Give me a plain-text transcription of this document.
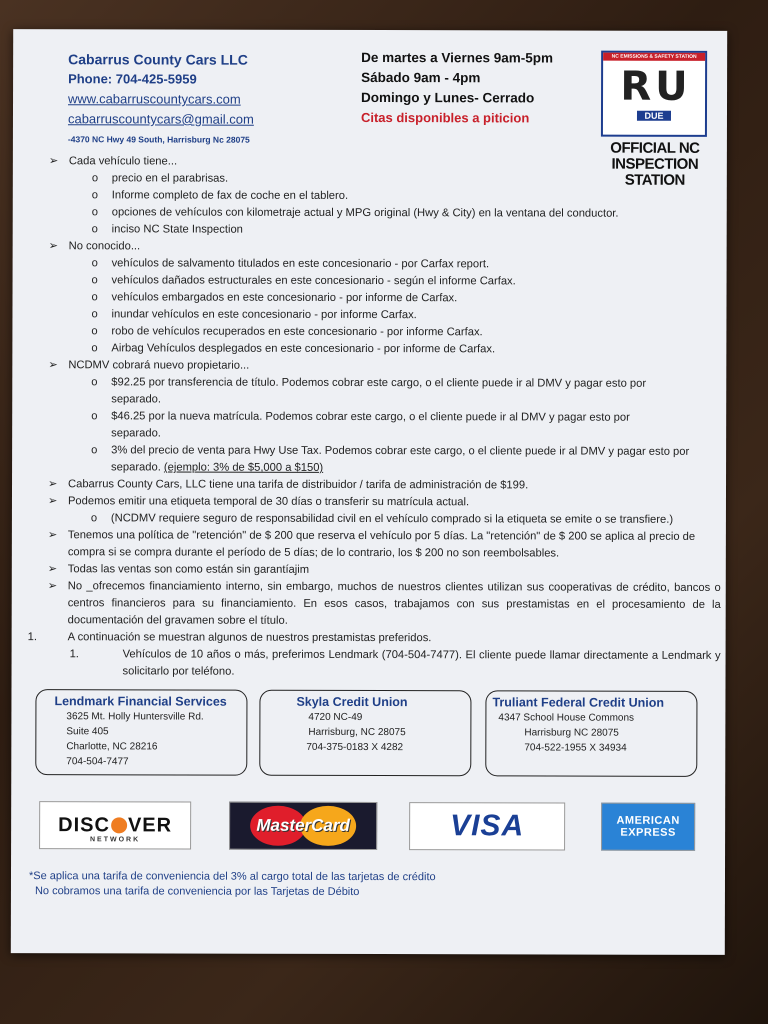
Cabarrus County Cars LLC
Phone: 704-425-5959
www.cabarruscountycars.com
cabarruscountycars@gmail.com
-4370 NC Hwy 49 South, Harrisburg Nc 28075
De martes a Viernes 9am-5pm
Sábado 9am - 4pm
Domingo y Lunes- Cerrado
Citas disponibles a piticion
NC EMISSIONS & SAFETY STATION
R U
DUE
OFFICIAL NC
INSPECTION
STATION
➢ Cada vehículo tiene...
o precio en el parabrisas.
o Informe completo de fax de coche en el tablero.
o opciones de vehículos con kilometraje actual y MPG original (Hwy & City) en la ventana del conductor.
o inciso NC State Inspection
➢ No conocido...
o vehículos de salvamento titulados en este concesionario - por Carfax report.
o vehículos dañados estructurales en este concesionario - según el informe Carfax.
o vehículos embargados en este concesionario - por informe de Carfax.
o inundar vehículos en este concesionario - por informe Carfax.
o robo de vehículos recuperados en este concesionario - por informe Carfax.
o Airbag Vehículos desplegados en este concesionario - por informe de Carfax.
➢ NCDMV cobrará nuevo propietario...
o $92.25 por transferencia de título. Podemos cobrar este cargo, o el cliente puede ir al DMV y pagar esto por separado.
o $46.25 por la nueva matrícula. Podemos cobrar este cargo, o el cliente puede ir al DMV y pagar esto por separado.
o 3% del precio de venta para Hwy Use Tax. Podemos cobrar este cargo, o el cliente puede ir al DMV y pagar esto por separado. (ejemplo: 3% de $5,000 a $150)
➢ Cabarrus County Cars, LLC tiene una tarifa de distribuidor / tarifa de administración de $199.
➢ Podemos emitir una etiqueta temporal de 30 días o transferir su matrícula actual.
o (NCDMV requiere seguro de responsabilidad civil en el vehículo comprado si la etiqueta se emite o se transfiere.)
➢ Tenemos una política de "retención" de $ 200 que reserva el vehículo por 5 días. La "retención" de $ 200 se aplica al precio de compra si se compra durante el período de 5 días; de lo contrario, los $ 200 no son reembolsables.
➢ Todas las ventas son como están sin garantíajim
➢ No _ofrecemos financiamiento interno, sin embargo, muchos de nuestros clientes utilizan sus cooperativas de crédito, bancos o centros financieros para su financiamiento. En esos casos, trabajamos con sus prestamistas en el procesamiento de la documentación del gravamen sobre el título.
1.	A continuación se muestran algunos de nuestros prestamistas preferidos.
1.	Vehículos de 10 años o más, preferimos Lendmark (704-504-7477). El cliente puede llamar directamente a Lendmark y solicitarlo por teléfono.
Lendmark Financial Services
3625 Mt. Holly Huntersville Rd.
Suite 405
Charlotte, NC 28216
704-504-7477
Skyla Credit Union
4720 NC-49
Harrisburg, NC 28075
704-375-0183 X 4282
Truliant Federal Credit Union
4347 School House Commons
Harrisburg NC 28075
704-522-1955 X 34934
DISC VER
NETWORK
MasterCard	VISA	AMERICAN
EXPRESS
*Se aplica una tarifa de conveniencia del 3% al cargo total de las tarjetas de crédito
No cobramos una tarifa de conveniencia por las Tarjetas de Débito
